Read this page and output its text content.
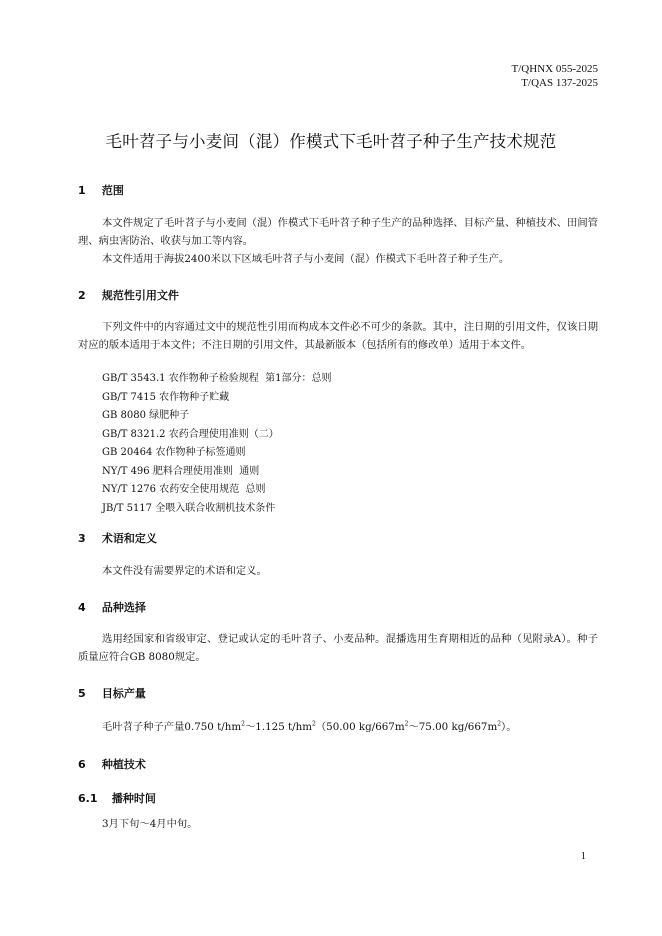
T/QHNX 055-2025
T/QAS 137-2025
毛叶苕子与小麦间（混）作模式下毛叶苕子种子生产技术规范
1 范围
本文件规定了毛叶苕子与小麦间（混）作模式下毛叶苕子种子生产的品种选择、目标产量、种植技术、田间管理、病虫害防治、收获与加工等内容。
本文件适用于海拔2400米以下区域毛叶苕子与小麦间（混）作模式下毛叶苕子种子生产。
2 规范性引用文件
下列文件中的内容通过文中的规范性引用而构成本文件必不可少的条款。其中，注日期的引用文件，仅该日期对应的版本适用于本文件；不注日期的引用文件，其最新版本（包括所有的修改单）适用于本文件。
GB/T 3543.1 农作物种子检验规程  第1部分：总则
GB/T 7415 农作物种子贮藏
GB 8080 绿肥种子
GB/T 8321.2 农药合理使用准则（二）
GB 20464 农作物种子标签通则
NY/T 496 肥料合理使用准则  通则
NY/T 1276 农药安全使用规范  总则
JB/T 5117 全喂入联合收割机技术条件
3 术语和定义
本文件没有需要界定的术语和定义。
4 品种选择
选用经国家和省级审定、登记或认定的毛叶苕子、小麦品种。混播选用生育期相近的品种（见附录A）。种子质量应符合GB 8080规定。
5 目标产量
毛叶苕子种子产量0.750 $t/hm^2\sim 1.125$ $t/hm^2(50.00$ $kg/667m^2\sim 75.00$ $kg/667m^2$）。
6 种植技术
6.1 播种时间
3月下旬～4月中旬。
1
